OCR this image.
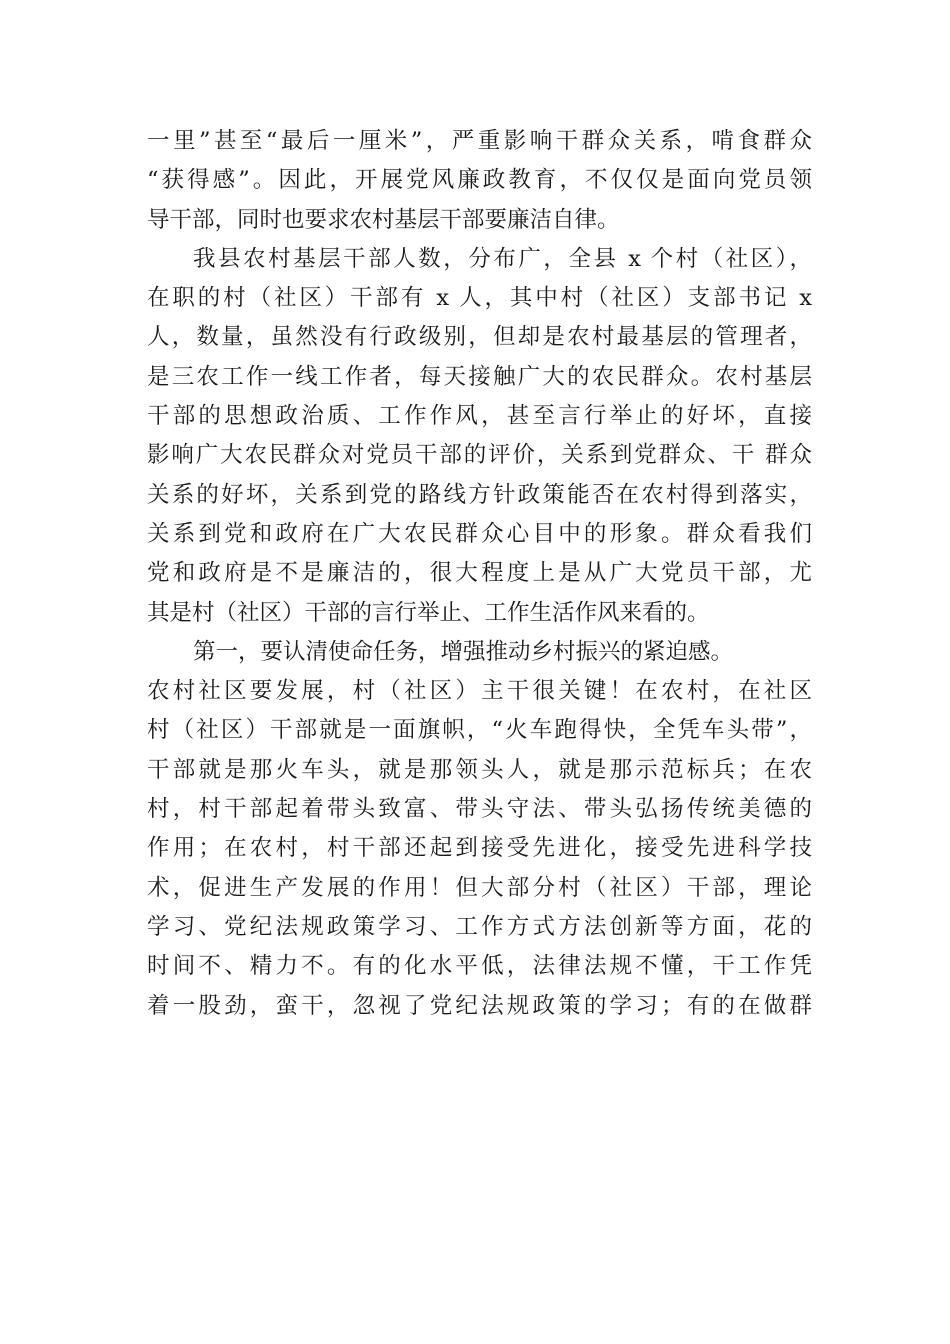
一里”甚至“最后一厘米”，严重影响干群众关系，啃食群众
“获得感”。因此，开展党风廉政教育，不仅仅是面向党员领
导干部，同时也要求农村基层干部要廉洁自律。
我县农村基层干部人数，分布广，全县 x 个村（社区），
在职的村（社区）干部有 x 人，其中村（社区）支部书记 x
人，数量，虽然没有行政级别，但却是农村最基层的管理者，
是三农工作一线工作者，每天接触广大的农民群众。农村基层
干部的思想政治质、工作作风，甚至言行举止的好坏，直接
影响广大农民群众对党员干部的评价，关系到党群众、干 群众
关系的好坏，关系到党的路线方针政策能否在农村得到落实，
关系到党和政府在广大农民群众心目中的形象。群众看我们
党和政府是不是廉洁的，很大程度上是从广大党员干部，尤
其是村（社区）干部的言行举止、工作生活作风来看的。
第一，要认清使命任务，增强推动乡村振兴的紧迫感。
农村社区要发展，村（社区）主干很关键！在农村，在社区
村（社区）干部就是一面旗帜，“火车跑得快，全凭车头带”，
干部就是那火车头，就是那领头人，就是那示范标兵；在农
村，村干部起着带头致富、带头守法、带头弘扬传统美德的
作用；在农村，村干部还起到接受先进化，接受先进科学技
术，促进生产发展的作用！但大部分村（社区）干部，理论
学习、党纪法规政策学习、工作方式方法创新等方面，花的
时间不、精力不。有的化水平低，法律法规不懂，干工作凭
着一股劲，蛮干，忽视了党纪法规政策的学习；有的在做群
